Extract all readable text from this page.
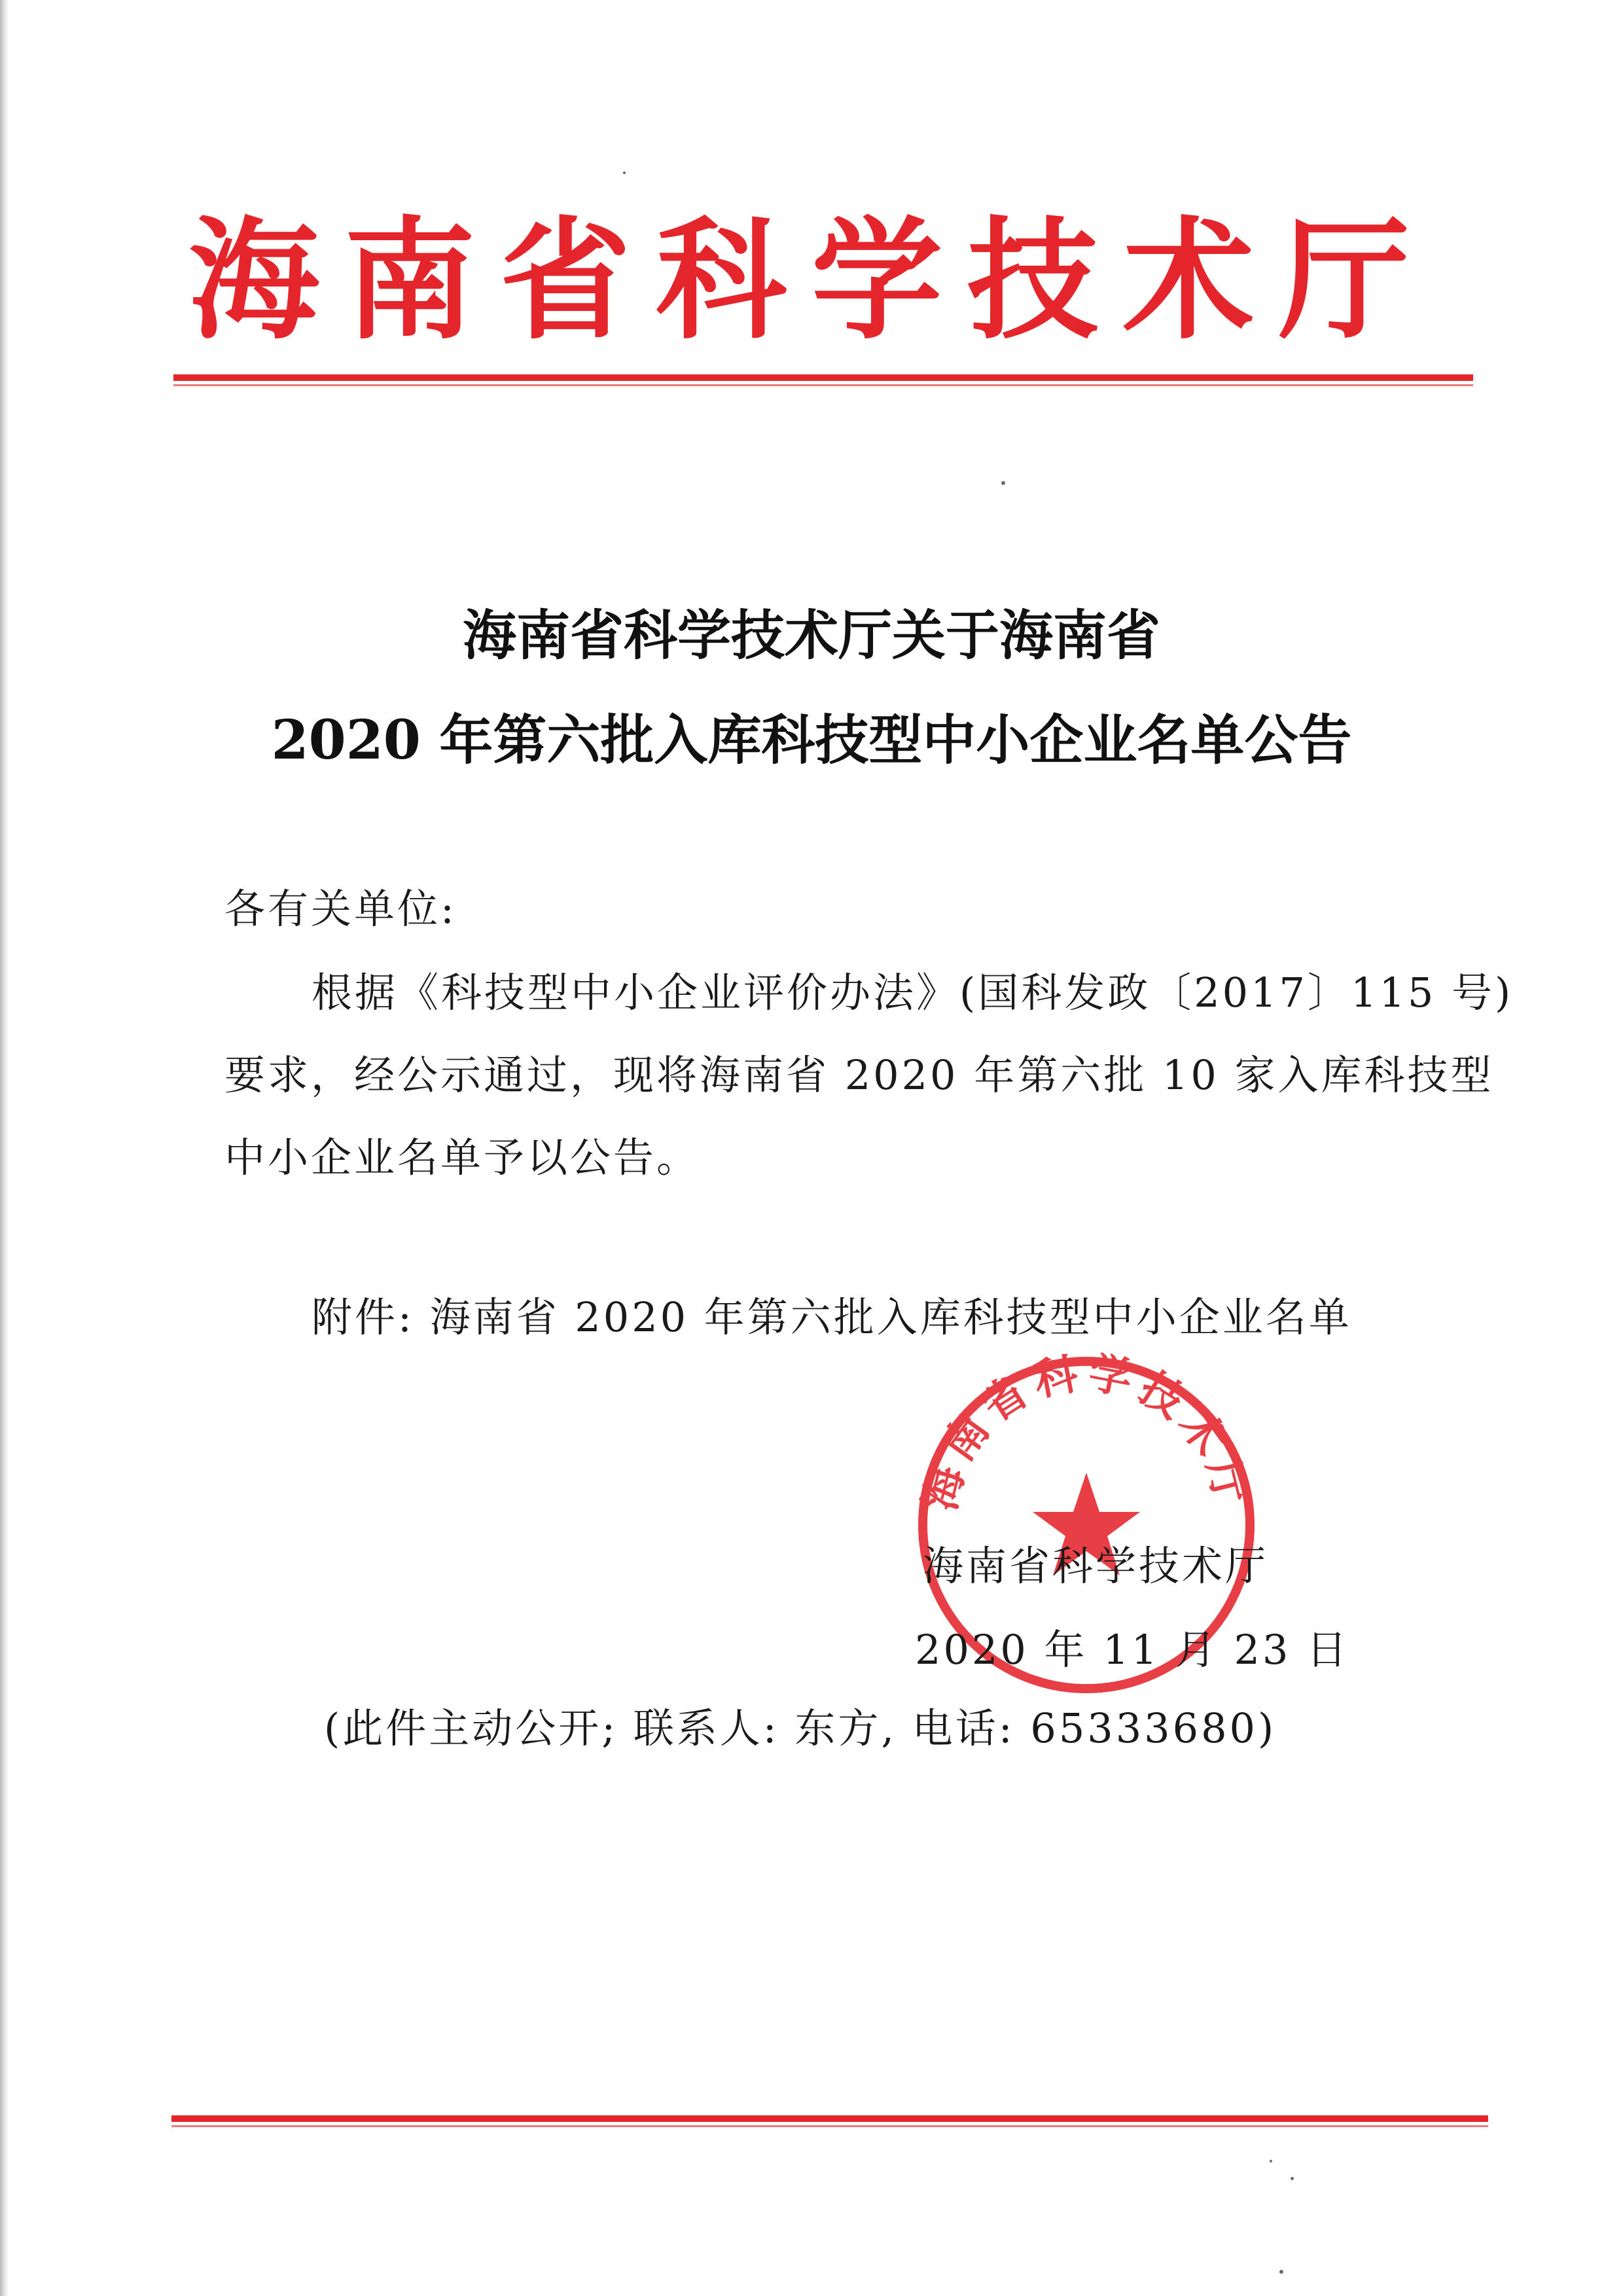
海南省科学技术厅
海南省科学技术厅关于海南省
2020 年第六批入库科技型中小企业名单公告
各有关单位:
根据《科技型中小企业评价办法》(国科发政〔2017〕115 号)
要求，经公示通过，现将海南省 2020 年第六批 10 家入库科技型
中小企业名单予以公告。
附件: 海南省 2020 年第六批入库科技型中小企业名单
海南省科学技术厅
海南省科学技术厅
2020 年 11 月 23 日
(此件主动公开; 联系人: 东方, 电话: 65333680)
